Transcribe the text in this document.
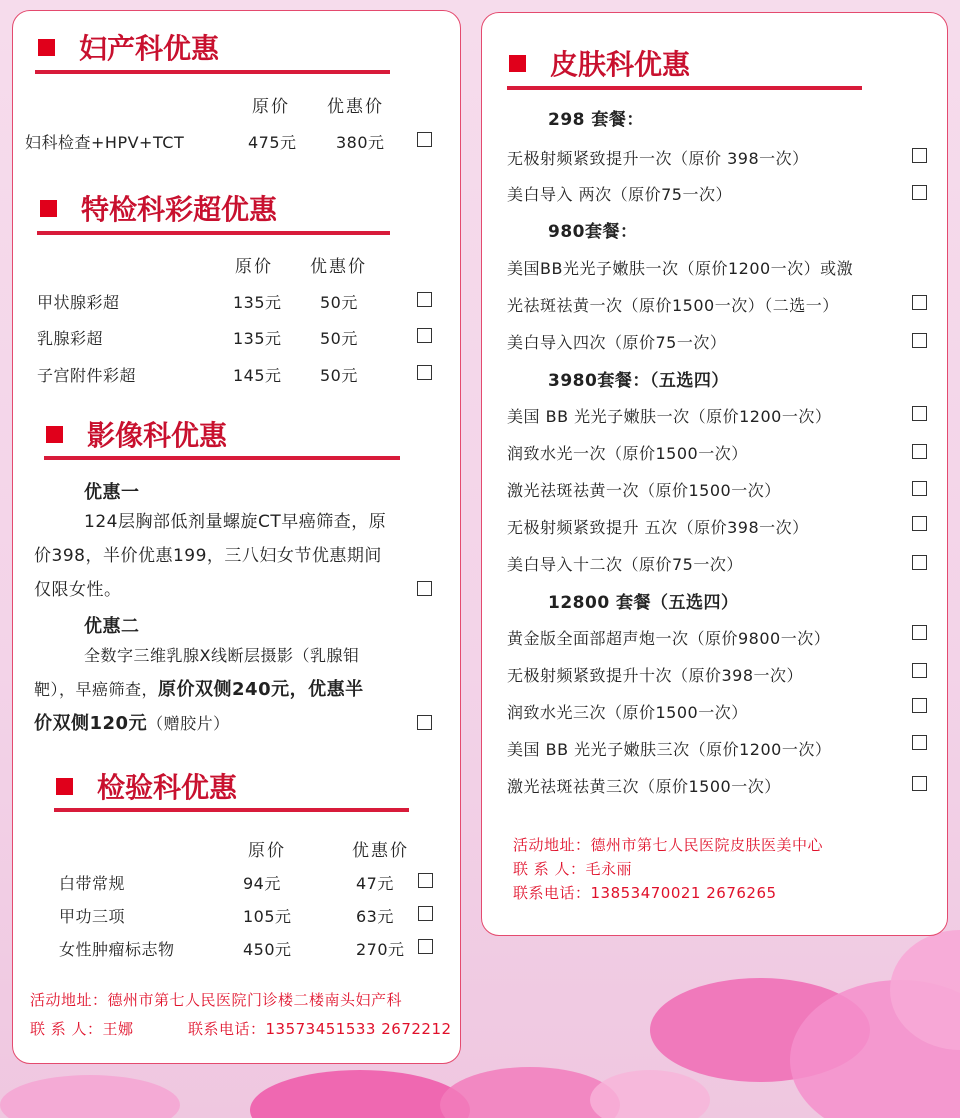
妇产科优惠
原价 优惠价
妇科检查+HPV+TCT	475元 380元
特检科彩超优惠
原价 优惠价
甲状腺彩超	135元 50元
乳腺彩超	135元 50元
子宫附件彩超	145元 50元
影像科优惠
优惠一
124层胸部低剂量螺旋CT早癌筛查，原
价398，半价优惠199，三八妇女节优惠期间
仅限女性。
优惠二
全数字三维乳腺X线断层摄影（乳腺钼
靶），早癌筛查，原价双侧240元，优惠半
价双侧120元（赠胶片）
检验科优惠
原价	优惠价
白带常规	94元	47元
甲功三项	105元	63元
女性肿瘤标志物	450元	270元
活动地址：德州市第七人民医院门诊楼二楼南头妇产科
联 系 人：王娜	联系电话：13573451533 2672212
皮肤科优惠
298 套餐：
无极射频紧致提升一次（原价 398一次）
美白导入 两次（原价75一次）
980套餐：
美国BB光光子嫩肤一次（原价1200一次）或激
光祛斑祛黄一次（原价1500一次）（二选一）
美白导入四次（原价75一次）
3980套餐：（五选四）
美国 BB 光光子嫩肤一次（原价1200一次）
润致水光一次（原价1500一次）
激光祛斑祛黄一次（原价1500一次）
无极射频紧致提升 五次（原价398一次）
美白导入十二次（原价75一次）
12800 套餐（五选四）
黄金版全面部超声炮一次（原价9800一次）
无极射频紧致提升十次（原价398一次）
润致水光三次（原价1500一次）
美国 BB 光光子嫩肤三次（原价1200一次）
激光祛斑祛黄三次（原价1500一次）
活动地址：德州市第七人民医院皮肤医美中心
联 系 人：毛永丽
联系电话：13853470021 2676265
